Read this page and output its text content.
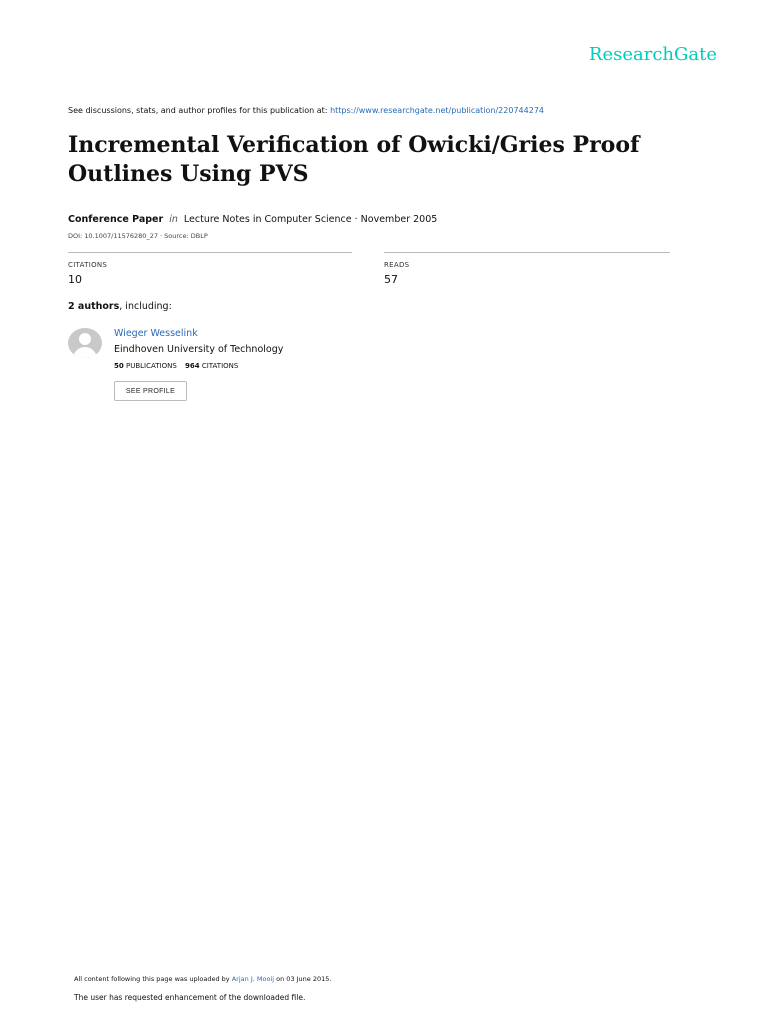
ResearchGate
See discussions, stats, and author profiles for this publication at: https://www.researchgate.net/publication/220744274
Incremental Verification of Owicki/Gries Proof Outlines Using PVS
Conference Paper in Lecture Notes in Computer Science · November 2005
DOI: 10.1007/11576280_27 · Source: DBLP
CITATIONS
10
READS
57
2 authors, including:
Wieger Wesselink
Eindhoven University of Technology
50 PUBLICATIONS 964 CITATIONS
SEE PROFILE
All content following this page was uploaded by Arjan J. Mooij on 03 June 2015.
The user has requested enhancement of the downloaded file.
